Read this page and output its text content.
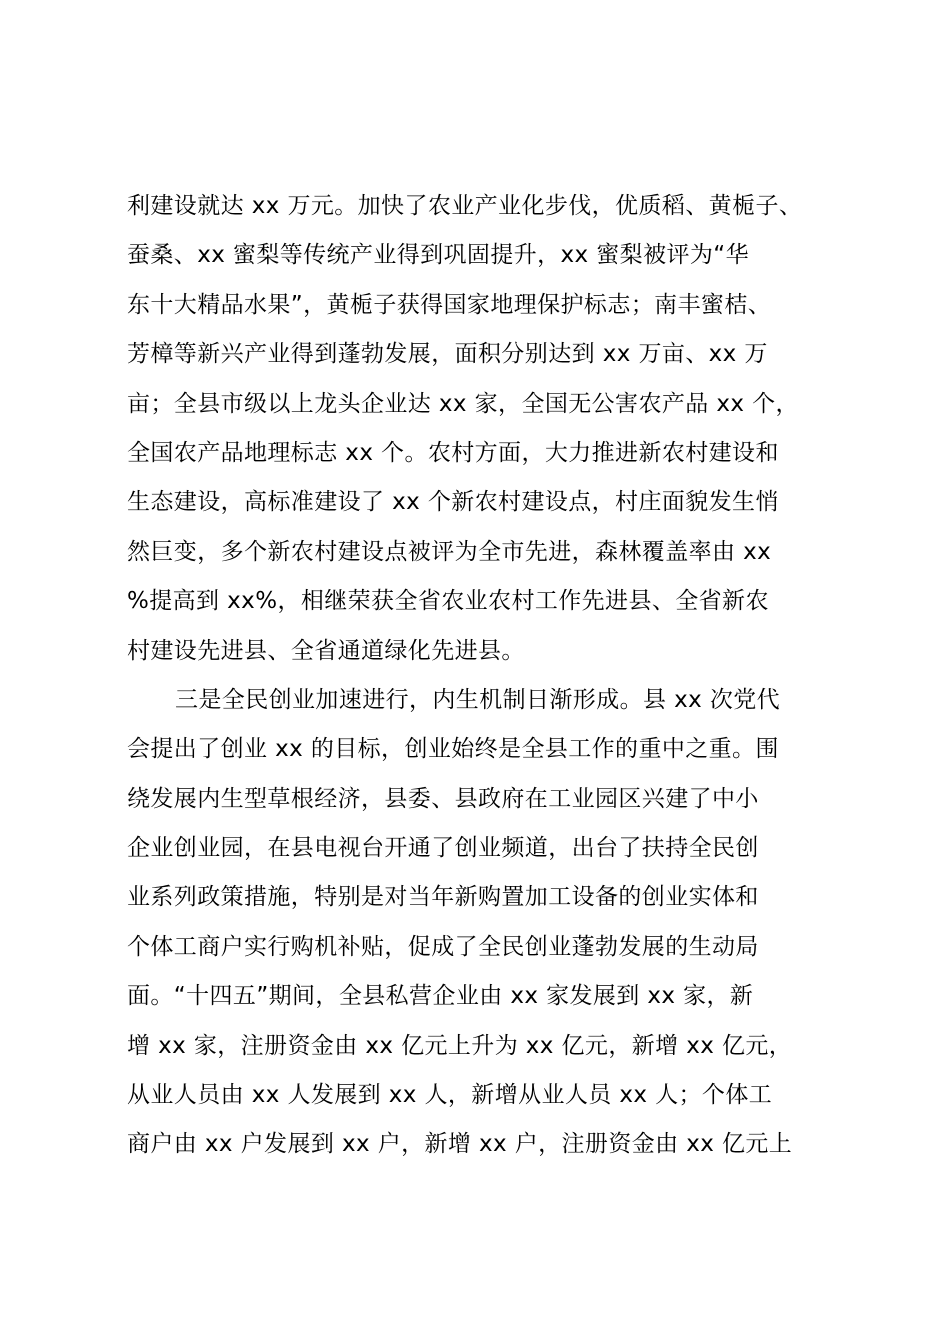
利建设就达 xx 万元。加快了农业产业化步伐，优质稻、黄栀子、
蚕桑、xx 蜜梨等传统产业得到巩固提升，xx 蜜梨被评为“华
东十大精品水果”，黄栀子获得国家地理保护标志；南丰蜜桔、
芳樟等新兴产业得到蓬勃发展，面积分别达到 xx 万亩、xx 万
亩；全县市级以上龙头企业达 xx 家，全国无公害农产品 xx 个，
全国农产品地理标志 xx 个。农村方面，大力推进新农村建设和
生态建设，高标准建设了 xx 个新农村建设点，村庄面貌发生悄
然巨变，多个新农村建设点被评为全市先进，森林覆盖率由 xx
%提高到 xx%，相继荣获全省农业农村工作先进县、全省新农
村建设先进县、全省通道绿化先进县。
三是全民创业加速进行，内生机制日渐形成。县 xx 次党代
会提出了创业 xx 的目标，创业始终是全县工作的重中之重。围
绕发展内生型草根经济，县委、县政府在工业园区兴建了中小
企业创业园，在县电视台开通了创业频道，出台了扶持全民创
业系列政策措施，特别是对当年新购置加工设备的创业实体和
个体工商户实行购机补贴，促成了全民创业蓬勃发展的生动局
面。“十四五”期间，全县私营企业由 xx 家发展到 xx 家，新
增 xx 家，注册资金由 xx 亿元上升为 xx 亿元，新增 xx 亿元，
从业人员由 xx 人发展到 xx 人，新增从业人员 xx 人；个体工
商户由 xx 户发展到 xx 户，新增 xx 户，注册资金由 xx 亿元上
